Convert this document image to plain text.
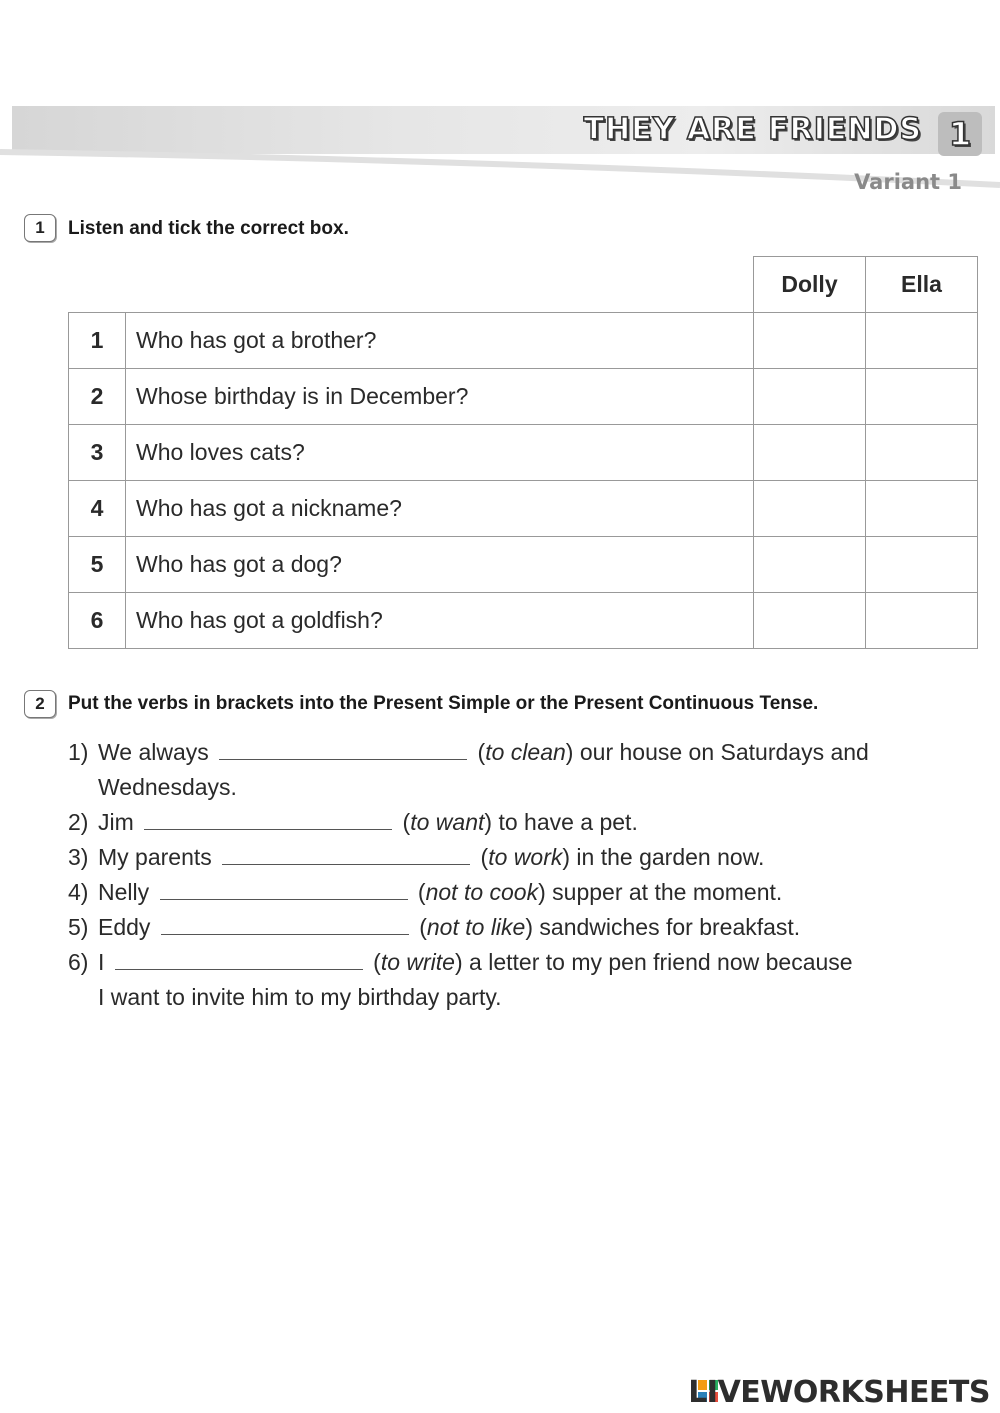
THEY ARE FRIENDS 1
Variant 1
1	Listen and tick the correct box.
		Dolly	Ella
1	Who has got a brother?		
2	Whose birthday is in December?		
3	Who loves cats?		
4	Who has got a nickname?		
5	Who has got a dog?		
6	Who has got a goldfish?		
2	Put the verbs in brackets into the Present Simple or the Present Continuous Tense.
1) We always	(to clean) our house on Saturdays and
Wednesdays.
2) Jim	(to want) to have a pet.
3) My parents	(to work) in the garden now.
4) Nelly	(not to cook) supper at the moment.
5) Eddy	(not to like) sandwiches for breakfast.
6) I	(to write) a letter to my pen friend now because
I want to invite him to my birthday party.
LIVEWORKSHEETS
